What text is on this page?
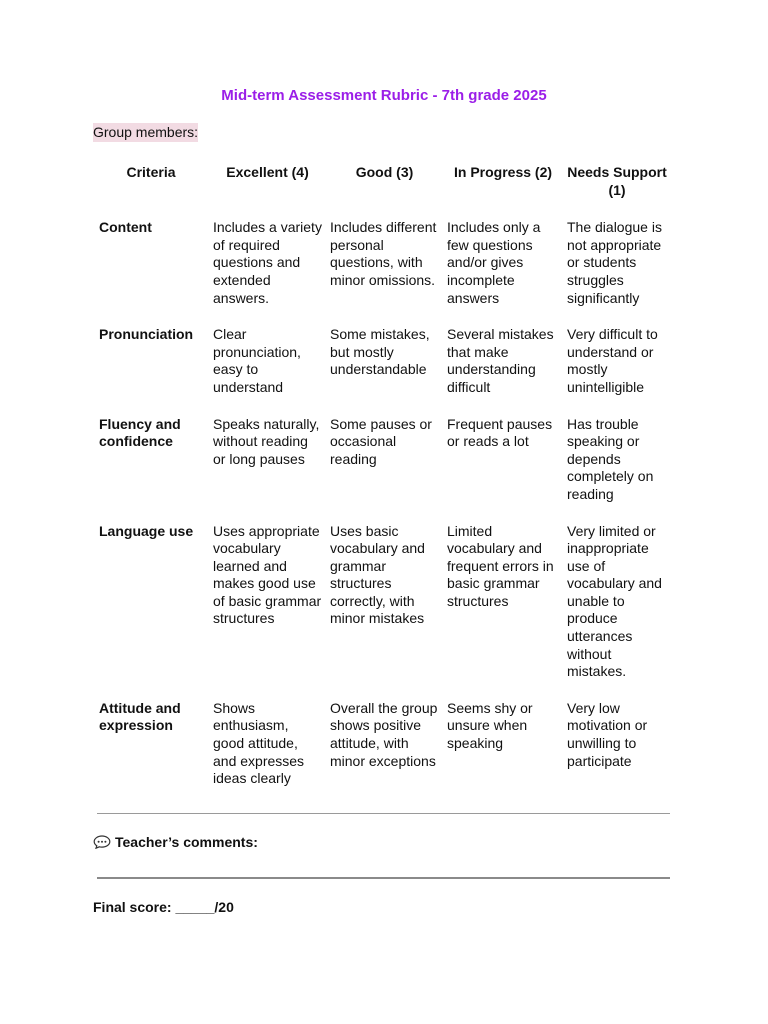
Mid-term Assessment Rubric - 7th grade 2025
Group members:
Criteria	Excellent (4)	Good (3)	In Progress (2)	Needs Support (1)
Content	Includes a variety of required questions and extended answers.	Includes different personal questions, with minor omissions.	Includes only a few questions and/or gives incomplete answers	The dialogue is not appropriate or students struggles significantly
Pronunciation	Clear pronunciation, easy to understand	Some mistakes, but mostly understandable	Several mistakes that make understanding difficult	Very difficult to understand or mostly unintelligible
Fluency and confidence	Speaks naturally, without reading or long pauses	Some pauses or occasional reading	Frequent pauses or reads a lot	Has trouble speaking or depends completely on reading
Language use	Uses appropriate vocabulary learned and makes good use of basic grammar structures	Uses basic vocabulary and grammar structures correctly, with minor mistakes	Limited vocabulary and frequent errors in basic grammar structures	Very limited or inappropriate use of vocabulary and unable to produce utterances without mistakes.
Attitude and expression	Shows enthusiasm, good attitude, and expresses ideas clearly	Overall the group shows positive attitude, with minor exceptions	Seems shy or unsure when speaking	Very low motivation or unwilling to participate
Teacher’s comments:
Final score: _____/20
